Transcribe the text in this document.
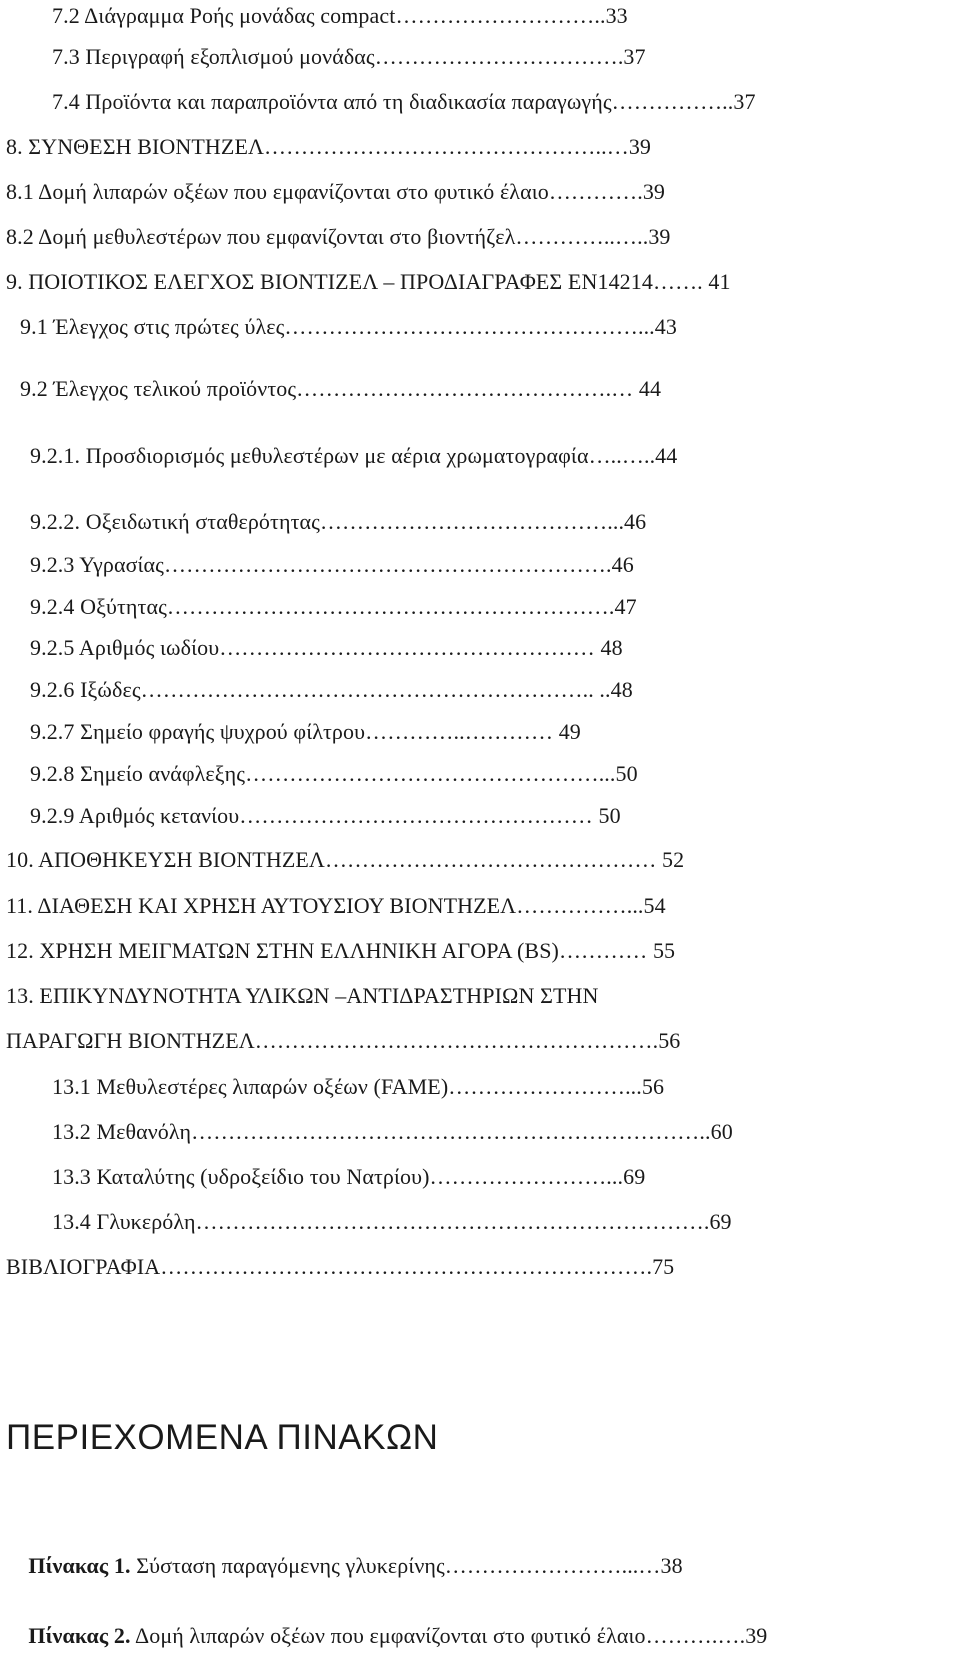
7.2 Διάγραμμα Ροής μονάδας compact………………………..33
7.3 Περιγραφή εξοπλισμού μονάδας…………………………….37
7.4 Προϊόντα και παραπροϊόντα από τη διαδικασία παραγωγής……………..37
8. ΣΥΝΘΕΣΗ ΒΙΟΝΤΗΖΕΛ………………………………………..…39
8.1 Δομή λιπαρών οξέων που εμφανίζονται στο φυτικό έλαιο………….39
8.2 Δομή μεθυλεστέρων που εμφανίζονται στο βιοντήζελ…………..…..39
9. ΠΟΙΟΤΙΚΟΣ ΕΛΕΓΧΟΣ ΒΙΟΝΤΙΖΕΛ – ΠΡΟΔΙΑΓΡΑΦΕΣ EN14214……. 41
9.1 Έλεγχος στις πρώτες ύλες…………………………………………...43
9.2 Έλεγχος τελικού προϊόντος…………………………………….… 44
9.2.1. Προσδιορισμός μεθυλεστέρων με αέρια χρωματογραφία…..…..44
9.2.2. Οξειδωτική σταθερότητας…………………………………...46
9.2.3 Υγρασίας…………………………………………………….46
9.2.4 Οξύτητας…………………………………………………….47
9.2.5 Αριθμός ιωδίου…………………………………………… 48
9.2.6 Ιξώδες…………………………………………………….. ..48
9.2.7 Σημείο φραγής ψυχρού φίλτρου…………..………… 49
9.2.8 Σημείο ανάφλεξης…………………………………………...50
9.2.9 Αριθμός κετανίου………………………………………… 50
10. ΑΠΟΘΗΚΕΥΣΗ ΒΙΟΝΤΗΖΕΛ……………………………………… 52
11. ΔΙΑΘΕΣΗ ΚΑΙ ΧΡΗΣΗ ΑΥΤΟΥΣΙΟΥ ΒΙΟΝΤΗΖΕΛ……………...54
12. ΧΡΗΣΗ ΜΕΙΓΜΑΤΩΝ ΣΤΗΝ ΕΛΛΗΝΙΚΗ ΑΓΟΡΑ (BS)………… 55
13. ΕΠΙΚΥΝΔΥΝΟΤΗΤΑ ΥΛΙΚΩΝ –ΑΝΤΙΔΡΑΣΤΗΡΙΩΝ ΣΤΗΝ
ΠΑΡΑΓΩΓΗ ΒΙΟΝΤΗΖΕΛ……………………………………………….56
13.1 Μεθυλεστέρες λιπαρών οξέων (FAME)……………………...56
13.2 Μεθανόλη……………………………………………………………..60
13.3 Καταλύτης (υδροξείδιο του Νατρίου)……………………...69
13.4 Γλυκερόλη…………………………………………………………….69
ΒΙΒΛΙΟΓΡΑΦΙΑ………………………………………………………….75
ΠΕΡΙΕΧΟΜΕΝΑ ΠΙΝΑΚΩΝ

Πίνακας 1. Σύσταση παραγόμενης γλυκερίνης……………………...…38

Πίνακας 2. Δομή λιπαρών οξέων που εμφανίζονται στο φυτικό έλαιο……….….39
